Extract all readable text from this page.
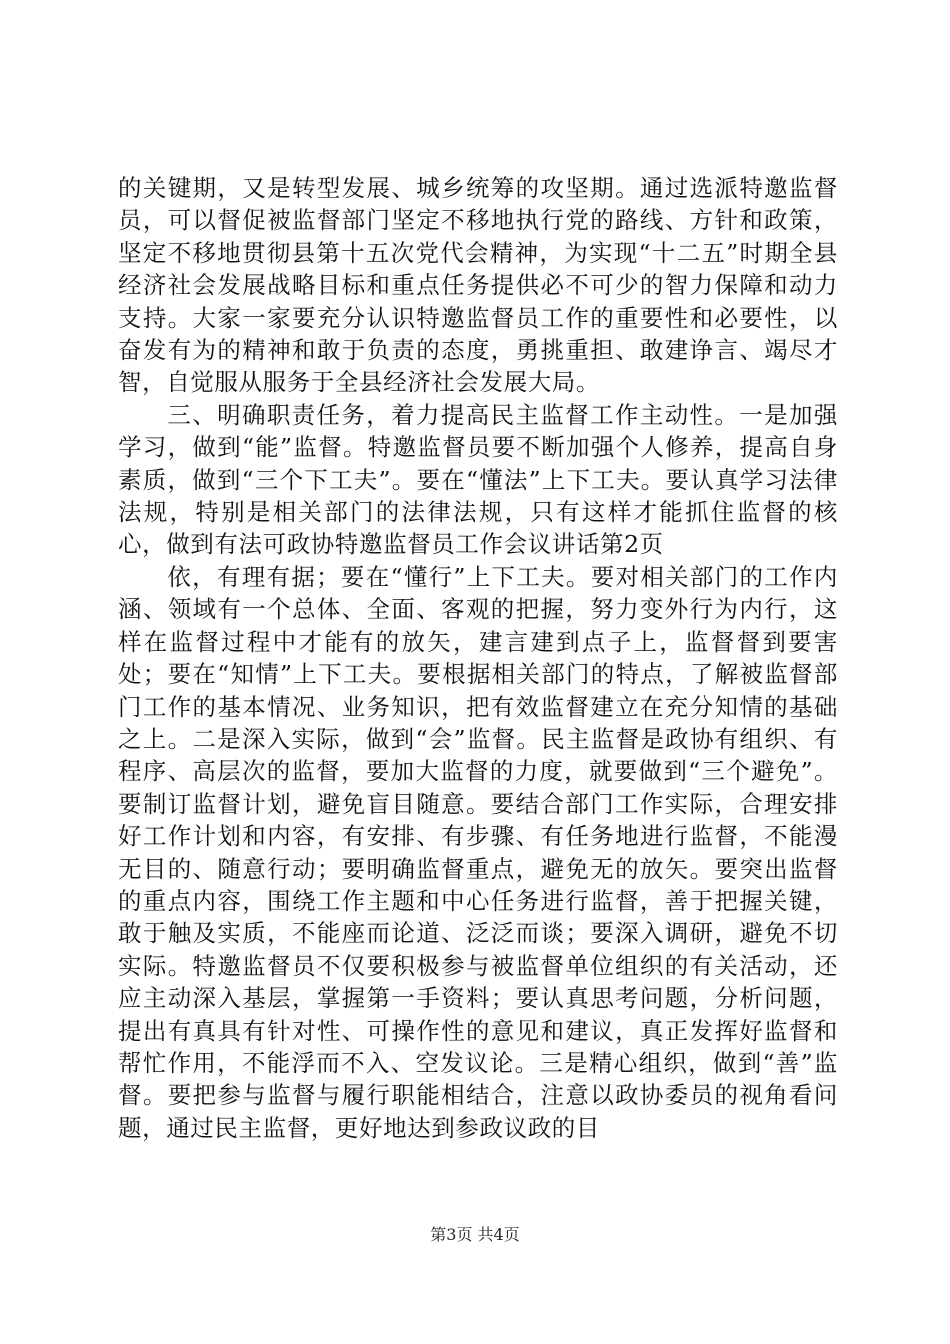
的关键期，又是转型发展、城乡统筹的攻坚期。通过选派特邀监督员，可以督促被监督部门坚定不移地执行党的路线、方针和政策，坚定不移地贯彻县第十五次党代会精神，为实现“十二五”时期全县经济社会发展战略目标和重点任务提供必不可少的智力保障和动力支持。大家一家要充分认识特邀监督员工作的重要性和必要性，以奋发有为的精神和敢于负责的态度，勇挑重担、敢建诤言、竭尽才智，自觉服从服务于全县经济社会发展大局。

三、明确职责任务，着力提高民主监督工作主动性。一是加强学习，做到“能”监督。特邀监督员要不断加强个人修养，提高自身素质，做到“三个下工夫”。要在“懂法”上下工夫。要认真学习法律法规，特别是相关部门的法律法规，只有这样才能抓住监督的核心，做到有法可政协特邀监督员工作会议讲话第2页

依，有理有据；要在“懂行”上下工夫。要对相关部门的工作内涵、领域有一个总体、全面、客观的把握，努力变外行为内行，这样在监督过程中才能有的放矢，建言建到点子上，监督督到要害处；要在“知情”上下工夫。要根据相关部门的特点，了解被监督部门工作的基本情况、业务知识，把有效监督建立在充分知情的基础之上。二是深入实际，做到“会”监督。民主监督是政协有组织、有程序、高层次的监督，要加大监督的力度，就要做到“三个避免”。要制订监督计划，避免盲目随意。要结合部门工作实际，合理安排好工作计划和内容，有安排、有步骤、有任务地进行监督，不能漫无目的、随意行动；要明确监督重点，避免无的放矢。要突出监督的重点内容，围绕工作主题和中心任务进行监督，善于把握关键，敢于触及实质，不能座而论道、泛泛而谈；要深入调研，避免不切实际。特邀监督员不仅要积极参与被监督单位组织的有关活动，还应主动深入基层，掌握第一手资料；要认真思考问题，分析问题，提出有真具有针对性、可操作性的意见和建议，真正发挥好监督和帮忙作用，不能浮而不入、空发议论。三是精心组织，做到“善”监督。要把参与监督与履行职能相结合，注意以政协委员的视角看问题，通过民主监督，更好地达到参政议政的目

第3页 共4页
